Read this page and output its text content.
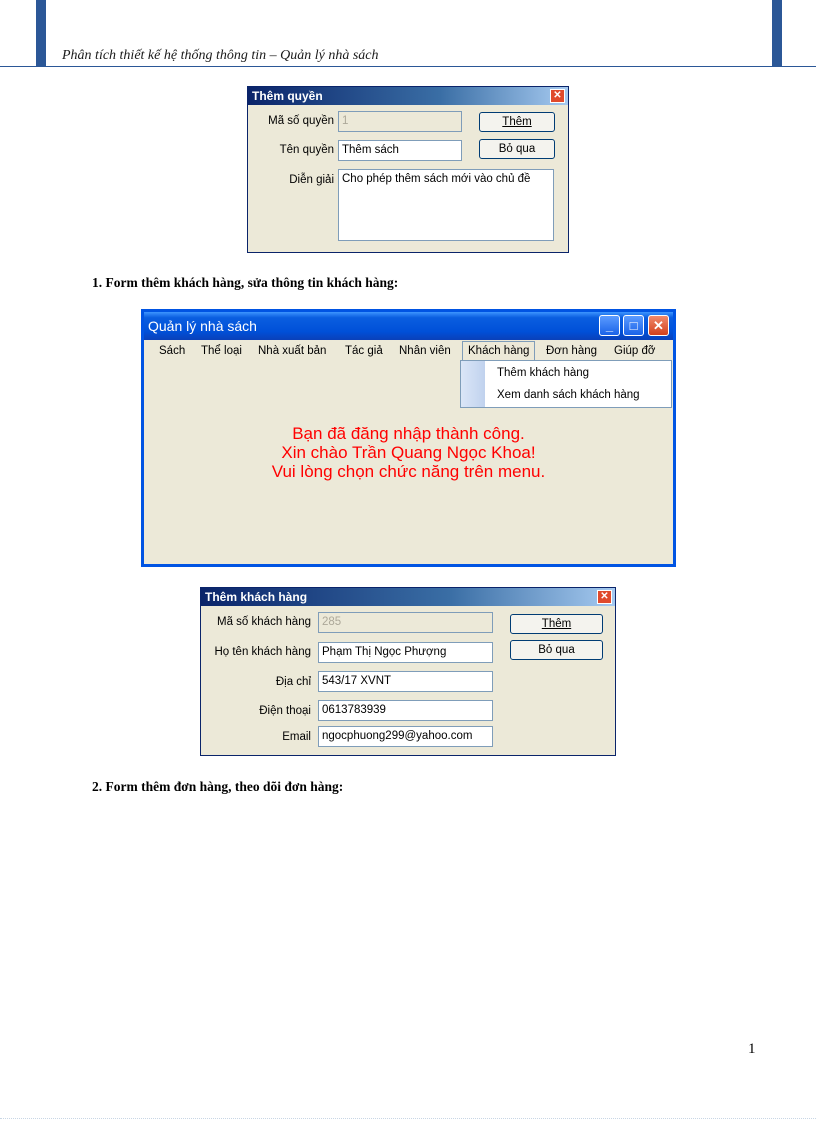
Phân tích thiết kế hệ thống thông tin – Quản lý nhà sách
Thêm quyền	✕
Mã số quyền 1
Tên quyền Thêm sách
Diễn giải Cho phép thêm sách mới vào chủ đề
Thêm
Bỏ qua
1. Form thêm khách hàng, sửa thông tin khách hàng:
Quản lý nhà sách	_	□	✕
Sách Thể loại Nhà xuất bản Tác giả Nhân viên	Khách hàng	Đơn hàng Giúp đỡ
Thêm khách hàng
Xem danh sách khách hàng
Bạn đã đăng nhập thành công.
Xin chào Trần Quang Ngọc Khoa!
Vui lòng chọn chức năng trên menu.
Thêm khách hàng	✕
Mã số khách hàng 285
Họ tên khách hàng Phạm Thị Ngọc Phượng
Địa chỉ 543/17 XVNT
Điện thoại 0613783939
Email ngocphuong299@yahoo.com
Thêm
Bỏ qua
2. Form thêm đơn hàng, theo dõi đơn hàng:
1
